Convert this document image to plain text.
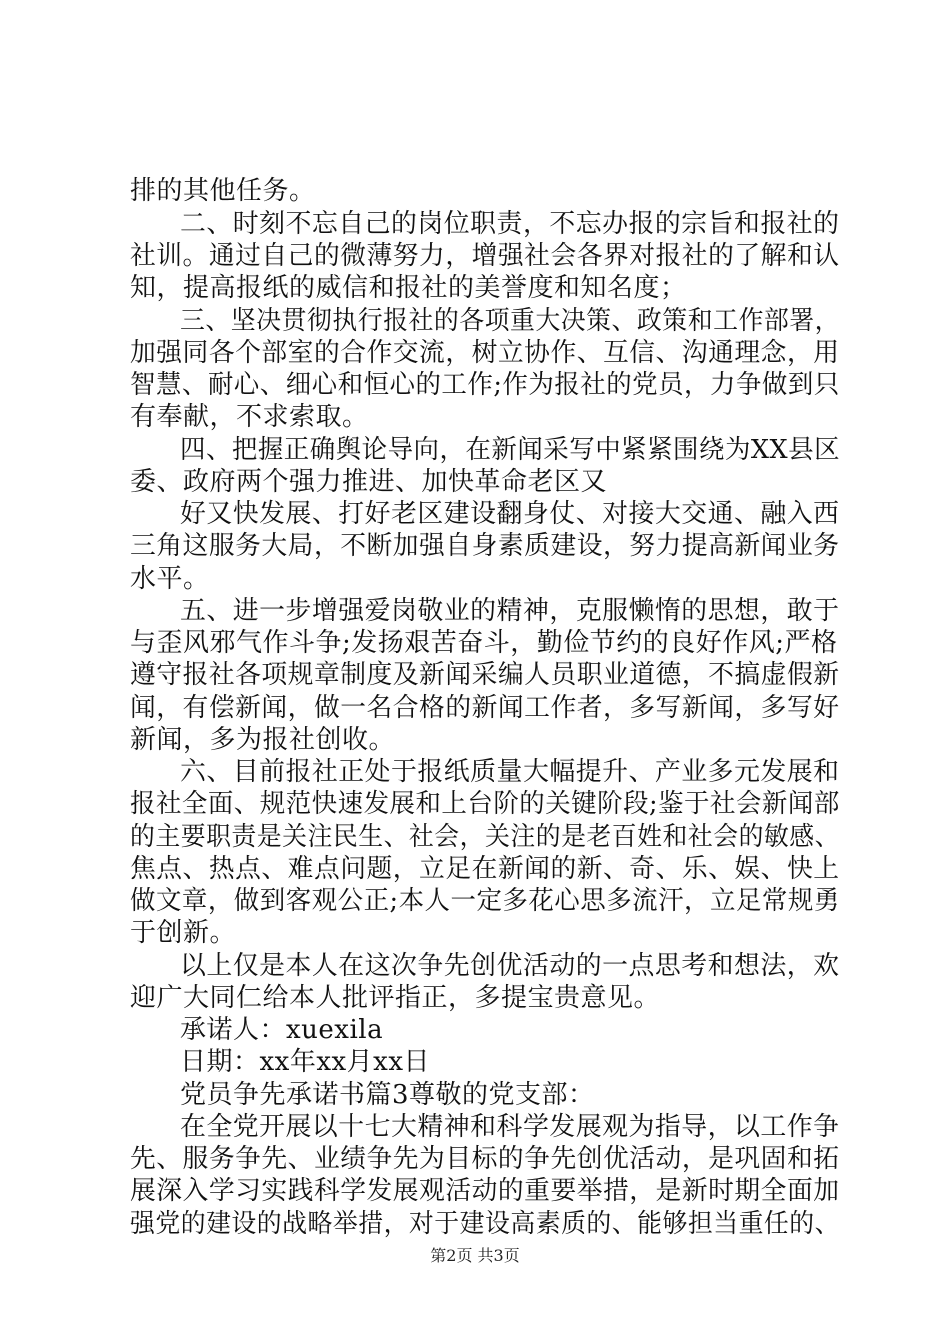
排的其他任务。
二、时刻不忘自己的岗位职责，不忘办报的宗旨和报社的
社训。通过自己的微薄努力，增强社会各界对报社的了解和认
知，提高报纸的威信和报社的美誉度和知名度；
三、坚决贯彻执行报社的各项重大决策、政策和工作部署，
加强同各个部室的合作交流，树立协作、互信、沟通理念，用
智慧、耐心、细心和恒心的工作;作为报社的党员，力争做到只
有奉献，不求索取。
四、把握正确舆论导向，在新闻采写中紧紧围绕为XX县区
委、政府两个强力推进、加快革命老区又
好又快发展、打好老区建设翻身仗、对接大交通、融入西
三角这服务大局，不断加强自身素质建设，努力提高新闻业务
水平。
五、进一步增强爱岗敬业的精神，克服懒惰的思想，敢于
与歪风邪气作斗争;发扬艰苦奋斗，勤俭节约的良好作风;严格
遵守报社各项规章制度及新闻采编人员职业道德，不搞虚假新
闻，有偿新闻，做一名合格的新闻工作者，多写新闻，多写好
新闻，多为报社创收。
六、目前报社正处于报纸质量大幅提升、产业多元发展和
报社全面、规范快速发展和上台阶的关键阶段;鉴于社会新闻部
的主要职责是关注民生、社会，关注的是老百姓和社会的敏感、
焦点、热点、难点问题，立足在新闻的新、奇、乐、娱、快上
做文章，做到客观公正;本人一定多花心思多流汗，立足常规勇
于创新。
以上仅是本人在这次争先创优活动的一点思考和想法，欢
迎广大同仁给本人批评指正，多提宝贵意见。
承诺人：xuexila
日期：xx年xx月xx日
党员争先承诺书篇3尊敬的党支部：
在全党开展以十七大精神和科学发展观为指导，以工作争
先、服务争先、业绩争先为目标的争先创优活动，是巩固和拓
展深入学习实践科学发展观活动的重要举措，是新时期全面加
强党的建设的战略举措，对于建设高素质的、能够担当重任的、
第2页 共3页
